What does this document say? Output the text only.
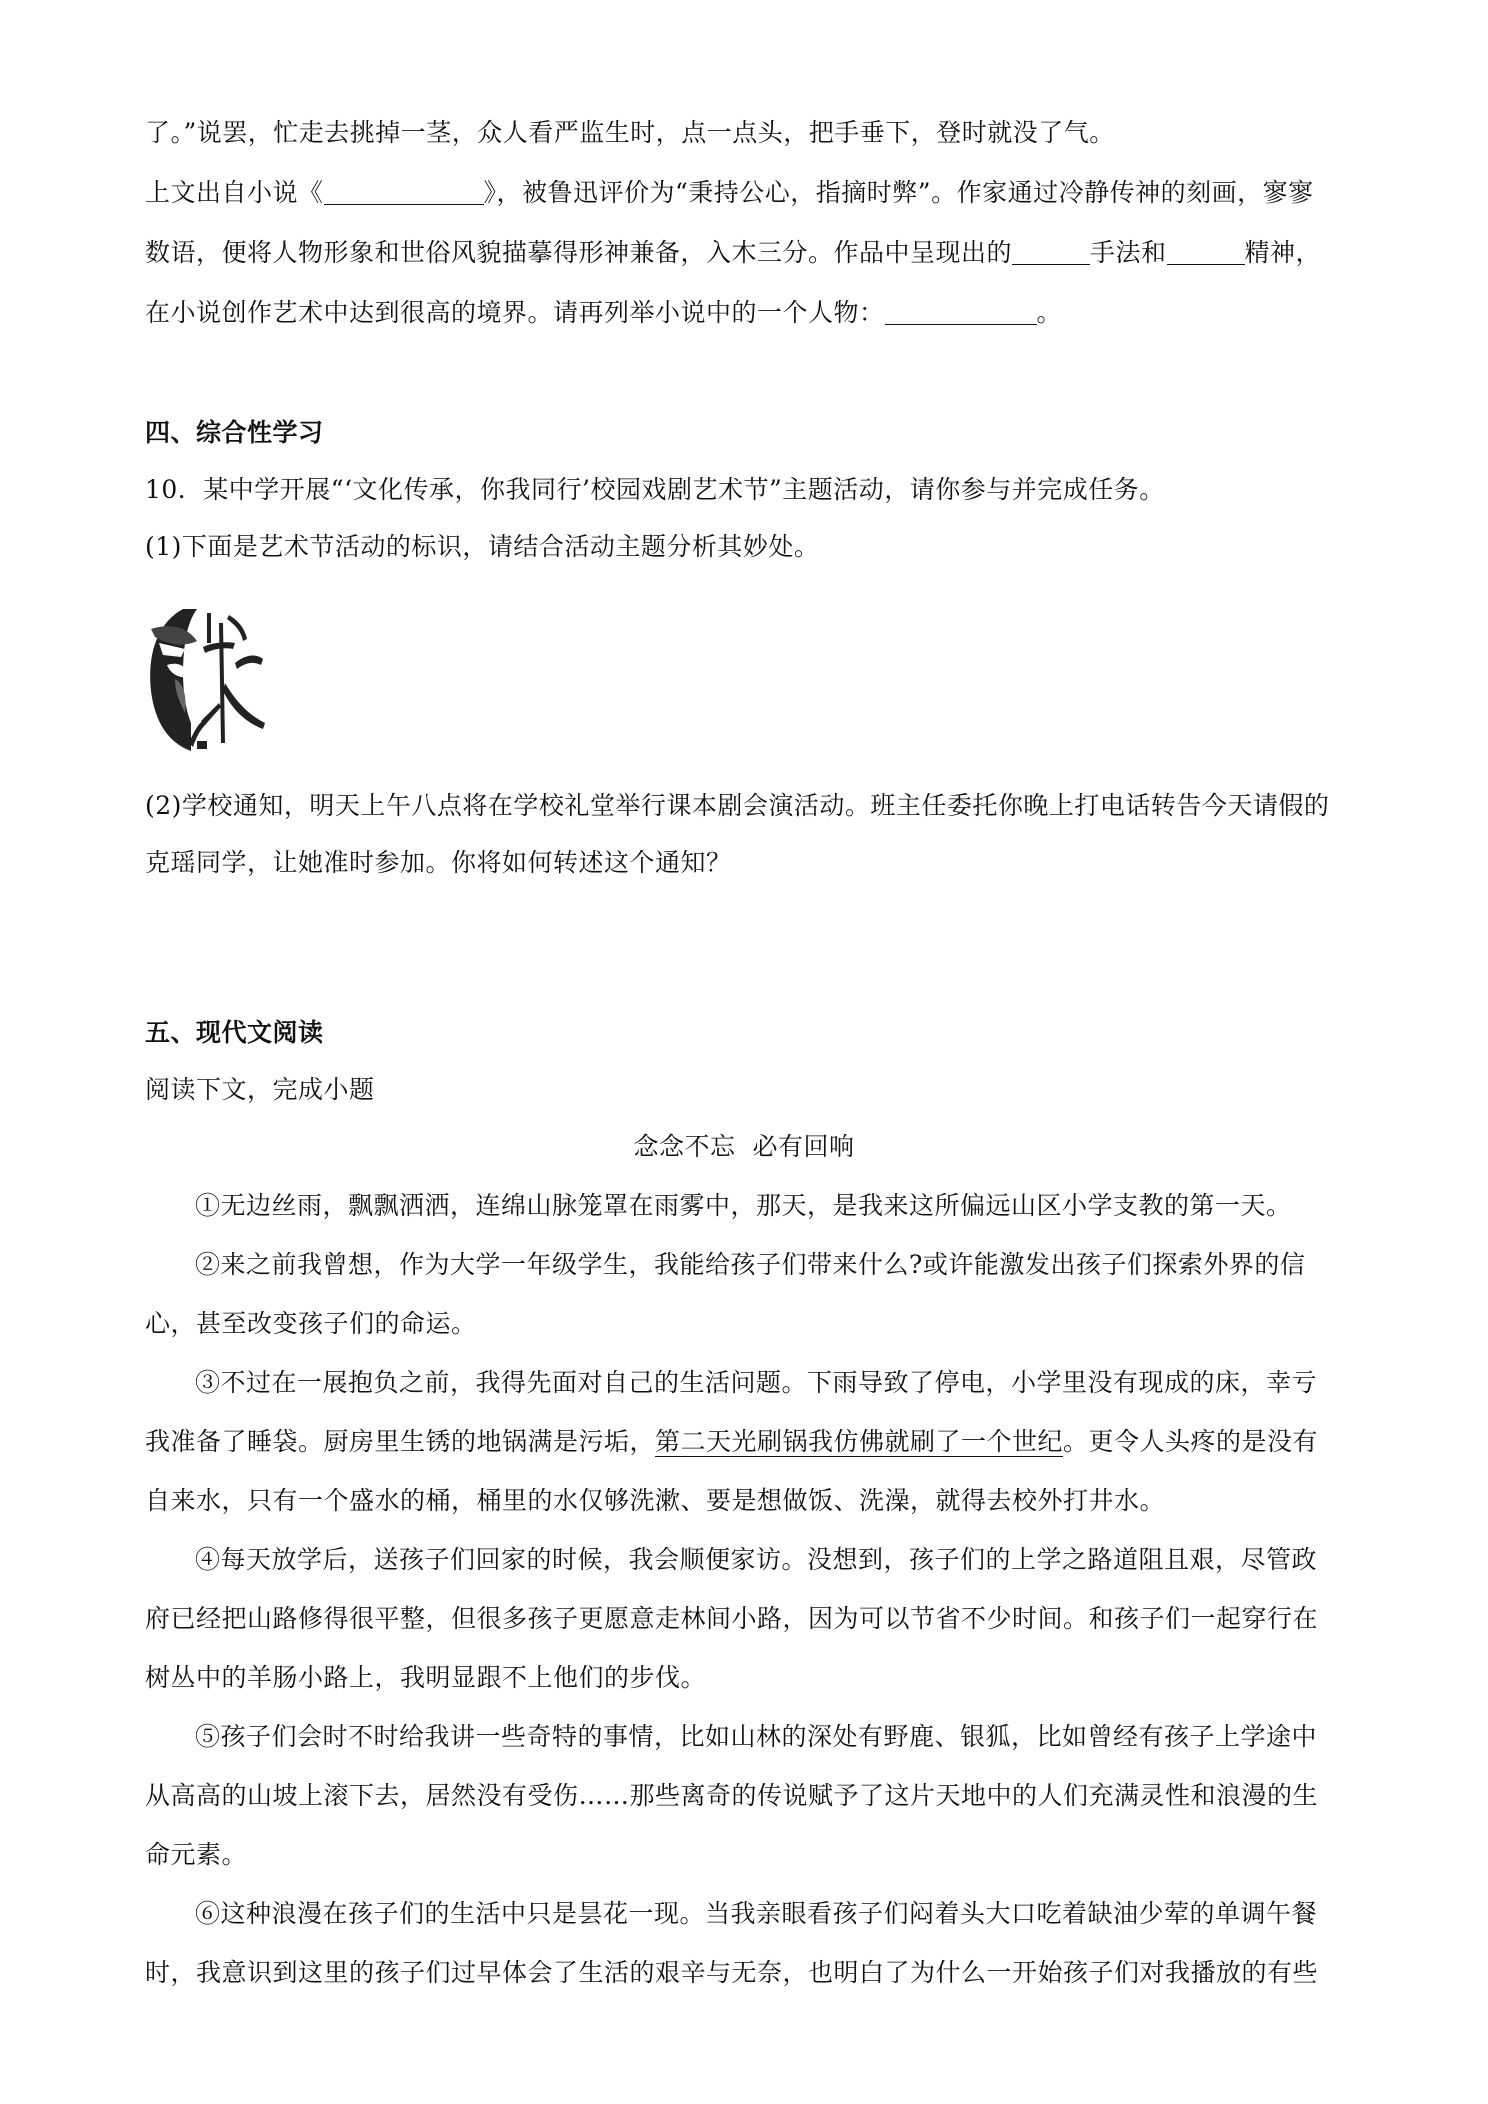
了。”说罢，忙走去挑掉一茎，众人看严监生时，点一点头，把手垂下，登时就没了气。
上文出自小说《	》，被鲁迅评价为“秉持公心，指摘时弊”。作家通过冷静传神的刻画，寥寥
数语，便将人物形象和世俗风貌描摹得形神兼备，入木三分。作品中呈现出的	手法和	精神，
在小说创作艺术中达到很高的境界。请再列举小说中的一个人物：	。
四、综合性学习
10．某中学开展“‘文化传承，你我同行’校园戏剧艺术节”主题活动，请你参与并完成任务。
(1)下面是艺术节活动的标识，请结合活动主题分析其妙处。
(2)学校通知，明天上午八点将在学校礼堂举行课本剧会演活动。班主任委托你晚上打电话转告今天请假的
克瑶同学，让她准时参加。你将如何转述这个通知？
五、现代文阅读
阅读下文，完成小题
念念不忘  必有回响
①无边丝雨，飘飘洒洒，连绵山脉笼罩在雨雾中，那天，是我来这所偏远山区小学支教的第一天。
②来之前我曾想，作为大学一年级学生，我能给孩子们带来什么?或许能激发出孩子们探索外界的信
心，甚至改变孩子们的命运。
③不过在一展抱负之前，我得先面对自己的生活问题。下雨导致了停电，小学里没有现成的床，幸亏
我准备了睡袋。厨房里生锈的地锅满是污垢，第二天光刷锅我仿佛就刷了一个世纪。更令人头疼的是没有
自来水，只有一个盛水的桶，桶里的水仅够洗漱、要是想做饭、洗澡，就得去校外打井水。
④每天放学后，送孩子们回家的时候，我会顺便家访。没想到，孩子们的上学之路道阻且艰，尽管政
府已经把山路修得很平整，但很多孩子更愿意走林间小路，因为可以节省不少时间。和孩子们一起穿行在
树丛中的羊肠小路上，我明显跟不上他们的步伐。
⑤孩子们会时不时给我讲一些奇特的事情，比如山林的深处有野鹿、银狐，比如曾经有孩子上学途中
从高高的山坡上滚下去，居然没有受伤……那些离奇的传说赋予了这片天地中的人们充满灵性和浪漫的生
命元素。
⑥这种浪漫在孩子们的生活中只是昙花一现。当我亲眼看孩子们闷着头大口吃着缺油少荤的单调午餐
时，我意识到这里的孩子们过早体会了生活的艰辛与无奈，也明白了为什么一开始孩子们对我播放的有些
